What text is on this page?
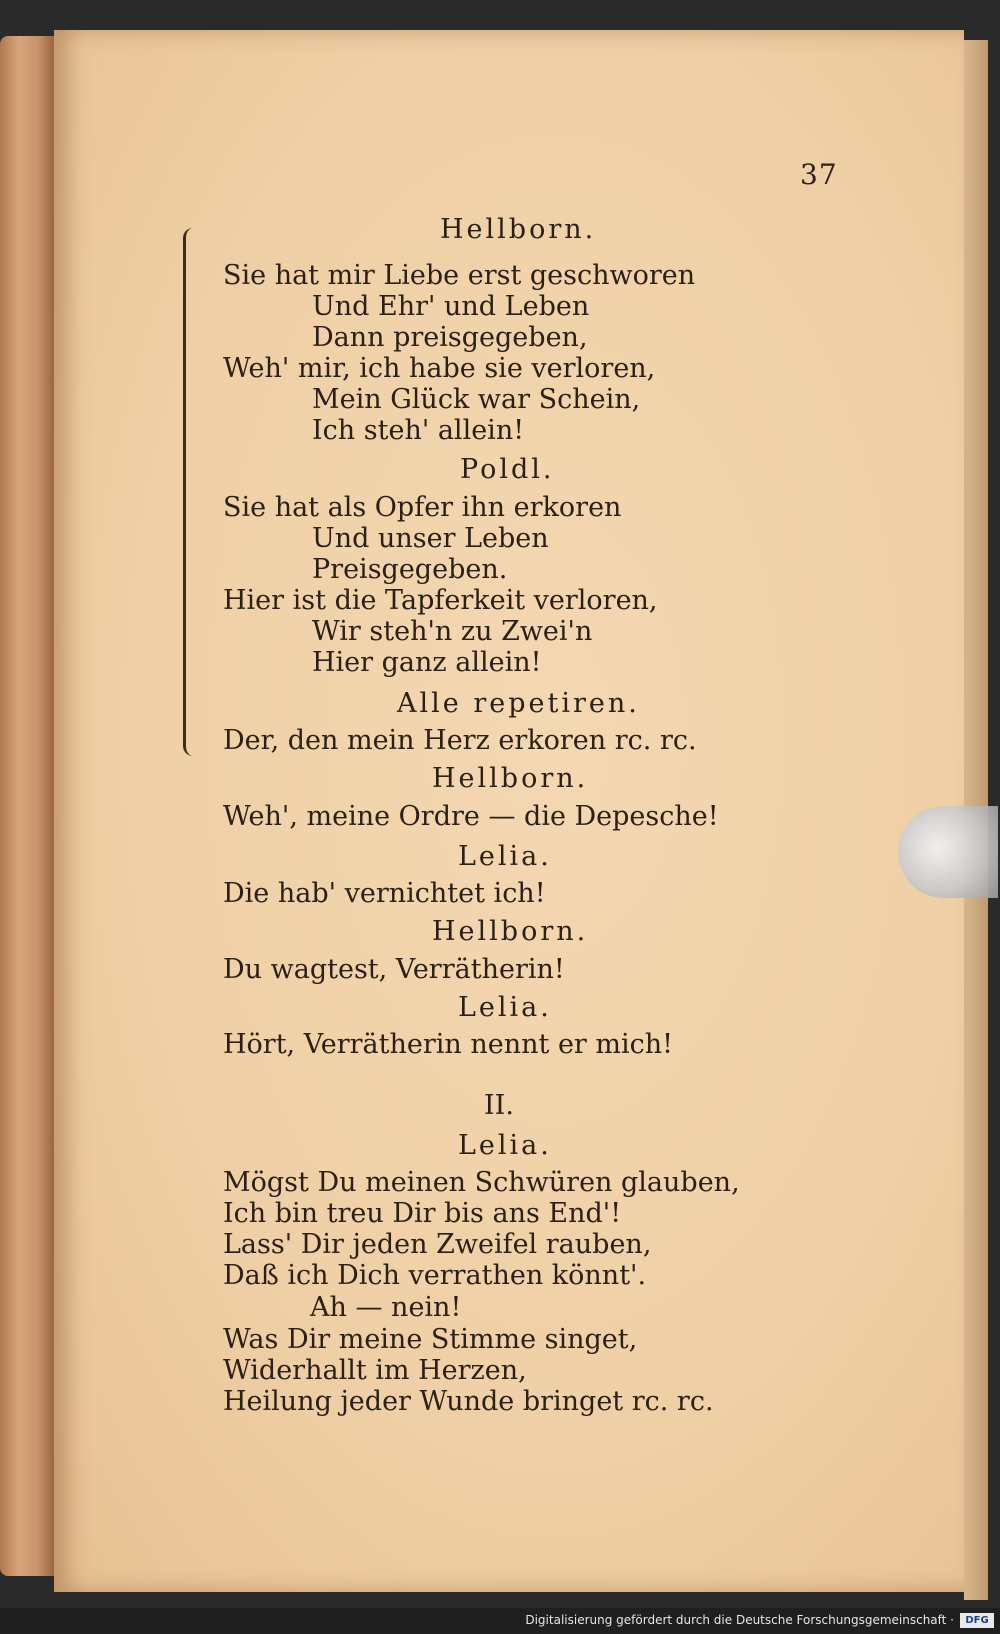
37
Hellborn.
Sie hat mir Liebe erst geschworen
Und Ehr' und Leben
Dann preisgegeben,
Weh' mir, ich habe sie verloren,
Mein Glück war Schein,
Ich steh' allein!
Poldl.
Sie hat als Opfer ihn erkoren
Und unser Leben
Preisgegeben.
Hier ist die Tapferkeit verloren,
Wir steh'n zu Zwei'n
Hier ganz allein!
Alle repetiren.
Der, den mein Herz erkoren rc. rc.
Hellborn.
Weh', meine Ordre — die Depesche!
Lelia.
Die hab' vernichtet ich!
Hellborn.
Du wagtest, Verrätherin!
Lelia.
Hört, Verrätherin nennt er mich!
II.
Lelia.
Mögst Du meinen Schwüren glauben,
Ich bin treu Dir bis ans End'!
Lass' Dir jeden Zweifel rauben,
Daß ich Dich verrathen könnt'.
Ah — nein!
Was Dir meine Stimme singet,
Widerhallt im Herzen,
Heilung jeder Wunde bringet rc. rc.
Digitalisierung gefördert durch die Deutsche Forschungsgemeinschaft ·	DFG
